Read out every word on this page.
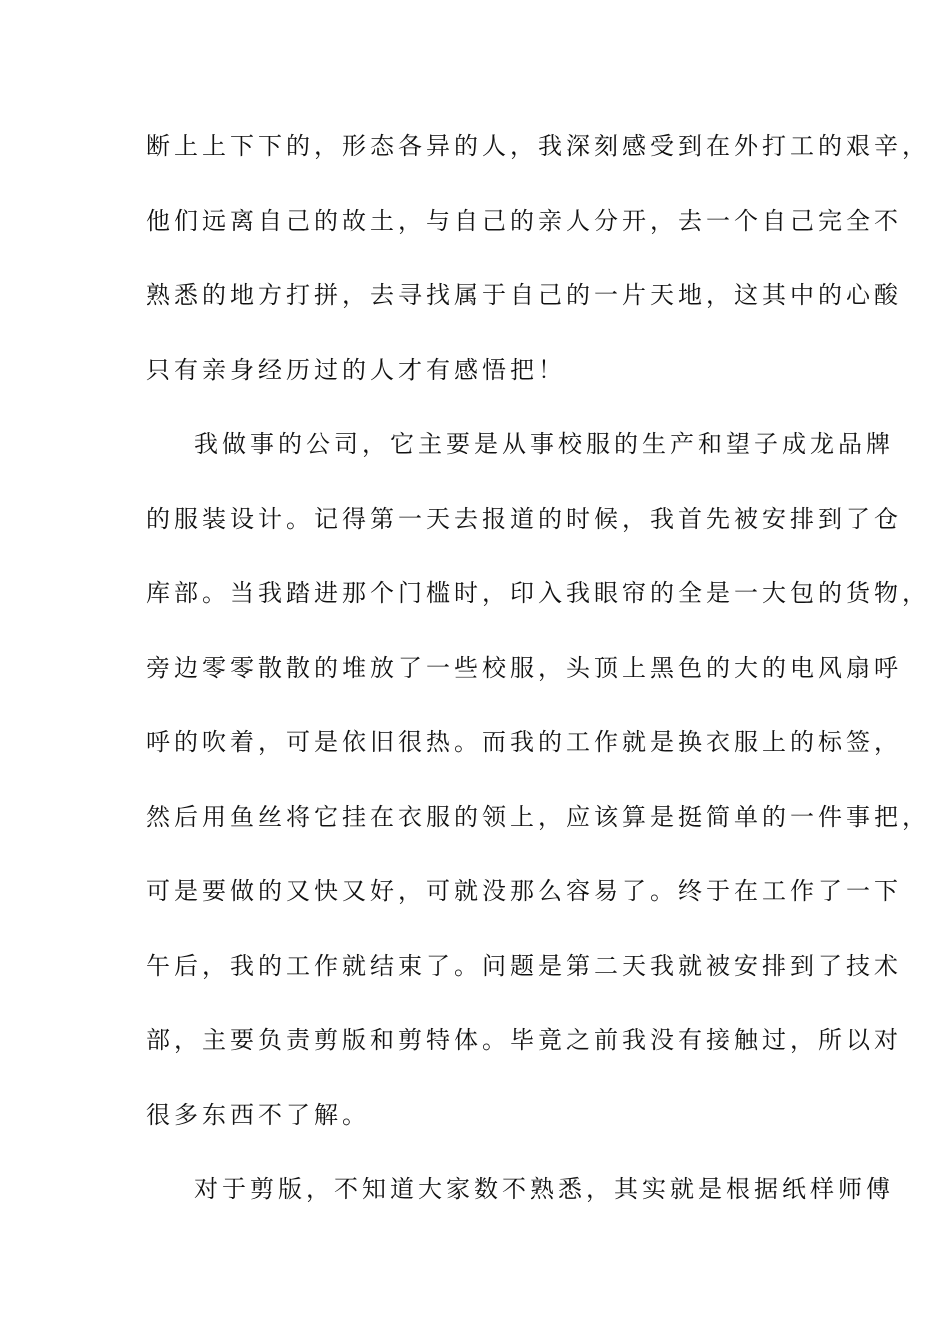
断上上下下的，形态各异的人，我深刻感受到在外打工的艰辛，
他们远离自己的故土，与自己的亲人分开，去一个自己完全不
熟悉的地方打拼，去寻找属于自己的一片天地，这其中的心酸
只有亲身经历过的人才有感悟把！
我做事的公司，它主要是从事校服的生产和望子成龙品牌
的服装设计。记得第一天去报道的时候，我首先被安排到了仓
库部。当我踏进那个门槛时，印入我眼帘的全是一大包的货物，
旁边零零散散的堆放了一些校服，头顶上黑色的大的电风扇呼
呼的吹着，可是依旧很热。而我的工作就是换衣服上的标签，
然后用鱼丝将它挂在衣服的领上，应该算是挺简单的一件事把，
可是要做的又快又好，可就没那么容易了。终于在工作了一下
午后，我的工作就结束了。问题是第二天我就被安排到了技术
部，主要负责剪版和剪特体。毕竟之前我没有接触过，所以对
很多东西不了解。
对于剪版，不知道大家数不熟悉，其实就是根据纸样师傅
